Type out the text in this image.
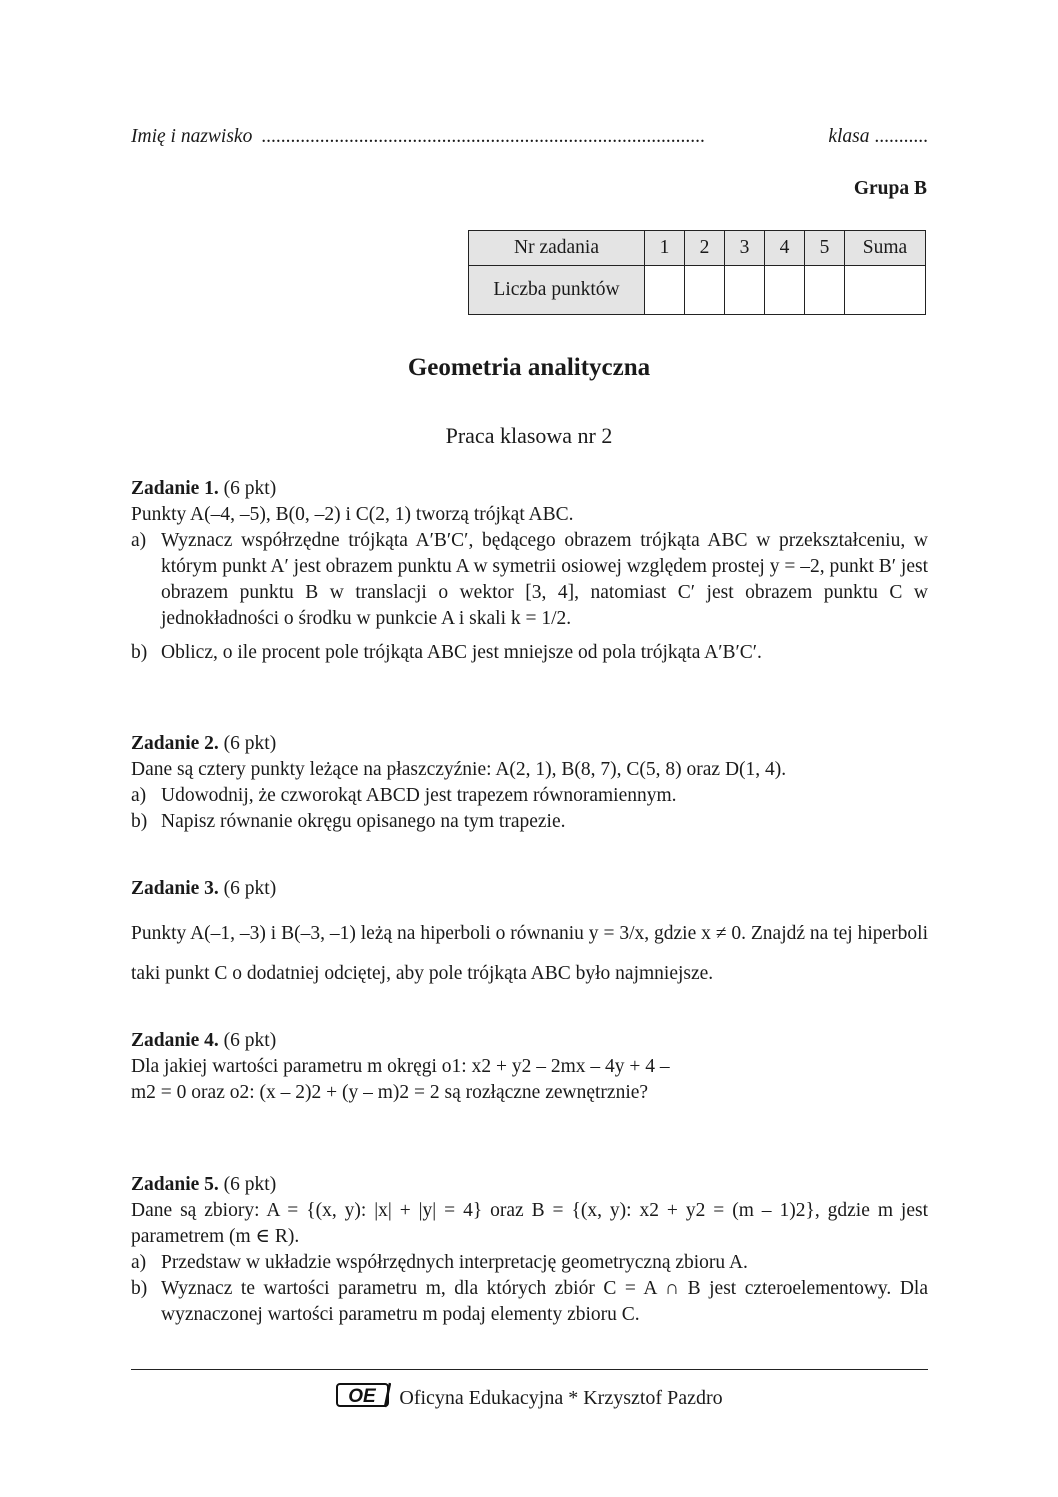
Imię i nazwisko ...........................................................................................	klasa ...........
Grupa B
Nr zadania	1	2	3	4	5	Suma
Liczba punktów						
Geometria analityczna
Praca klasowa nr 2
Zadanie 1. (6 pkt)
Punkty A(–4, –5), B(0, –2) i C(2, 1) tworzą trójkąt ABC.
a) Wyznacz współrzędne trójkąta A′B′C′, będącego obrazem trójkąta ABC w przekształceniu, w którym punkt A′ jest obrazem punktu A w symetrii osiowej względem prostej y = –2, punkt B′ jest obrazem punktu B w translacji o wektor [3, 4], natomiast C′ jest obrazem punktu C w jednokładności o środku w punkcie A i skali k = 1/2.
b) Oblicz, o ile procent pole trójkąta ABC jest mniejsze od pola trójkąta A′B′C′.
Zadanie 2. (6 pkt)
Dane są cztery punkty leżące na płaszczyźnie: A(2, 1), B(8, 7), C(5, 8) oraz D(1, 4).
a) Udowodnij, że czworokąt ABCD jest trapezem równoramiennym.
b) Napisz równanie okręgu opisanego na tym trapezie.
Zadanie 3. (6 pkt)
Punkty A(–1, –3) i B(–3, –1) leżą na hiperboli o równaniu y = 3/x, gdzie x ≠ 0. Znajdź na tej hiperboli taki punkt C o dodatniej odciętej, aby pole trójkąta ABC było najmniejsze.
Zadanie 4. (6 pkt)
Dla jakiej wartości parametru m okręgi o1: x2 + y2 – 2mx – 4y + 4 – m2 = 0 oraz o2: (x – 2)2 + (y – m)2 = 2 są rozłączne zewnętrznie?
Zadanie 5. (6 pkt)
Dane są zbiory: A = {(x, y): |x| + |y| = 4} oraz B = {(x, y): x2 + y2 = (m – 1)2}, gdzie m jest parametrem (m ∈ R).
a) Przedstaw w układzie współrzędnych interpretację geometryczną zbioru A.
b) Wyznacz te wartości parametru m, dla których zbiór C = A ∩ B jest czteroelementowy. Dla wyznaczonej wartości parametru m podaj elementy zbioru C.
OE Oficyna Edukacyjna * Krzysztof Pazdro
